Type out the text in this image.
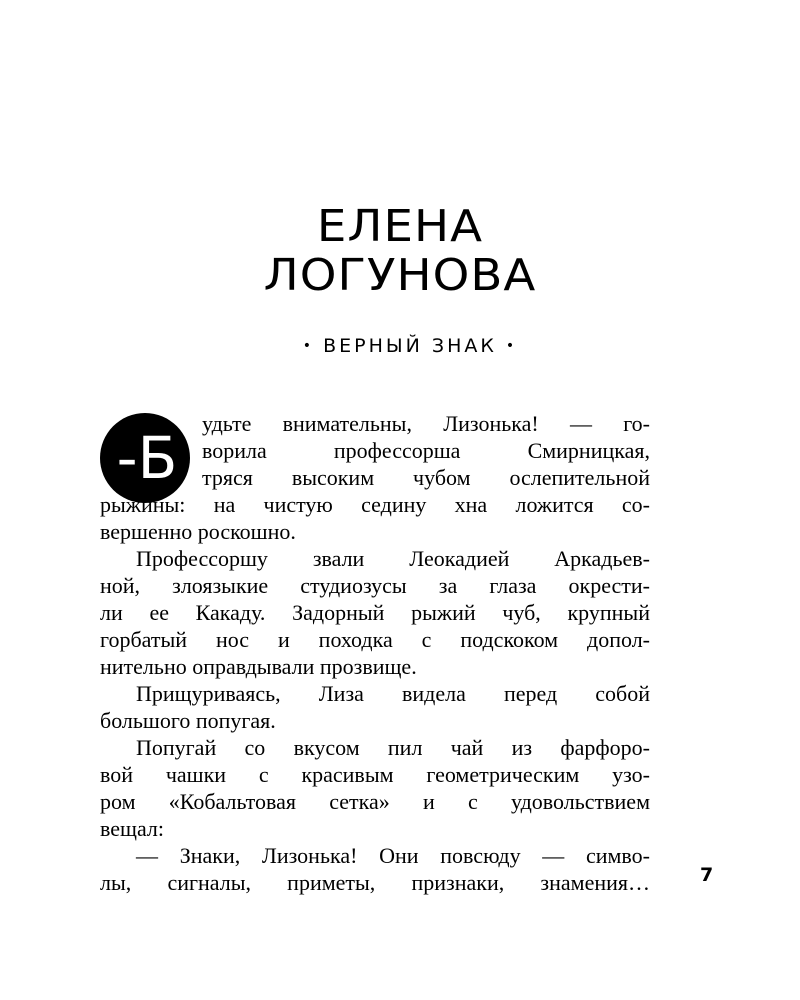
ЕЛЕНА
ЛОГУНОВА
• ВЕРНЫЙ ЗНАК •
-Б

удьте внимательны, Лизонька! — го-

ворила профессорша Смирницкая,

тряся высоким чубом ослепительной

рыжины: на чистую седину хна ложится со-

вершенно роскошно.

Профессоршу звали Леокадией Аркадьев-

ной, злоязыкие студиозусы за глаза окрести-

ли ее Какаду. Задорный рыжий чуб, крупный

горбатый нос и походка с подскоком допол-

нительно оправдывали прозвище.

Прищуриваясь, Лиза видела перед собой

большого попугая.

Попугай со вкусом пил чай из фарфоро-

вой чашки с красивым геометрическим узо-

ром «Кобальтовая сетка» и с удовольствием

вещал:

— Знаки, Лизонька! Они повсюду — симво-

лы, сигналы, приметы, признаки, знамения…	7
